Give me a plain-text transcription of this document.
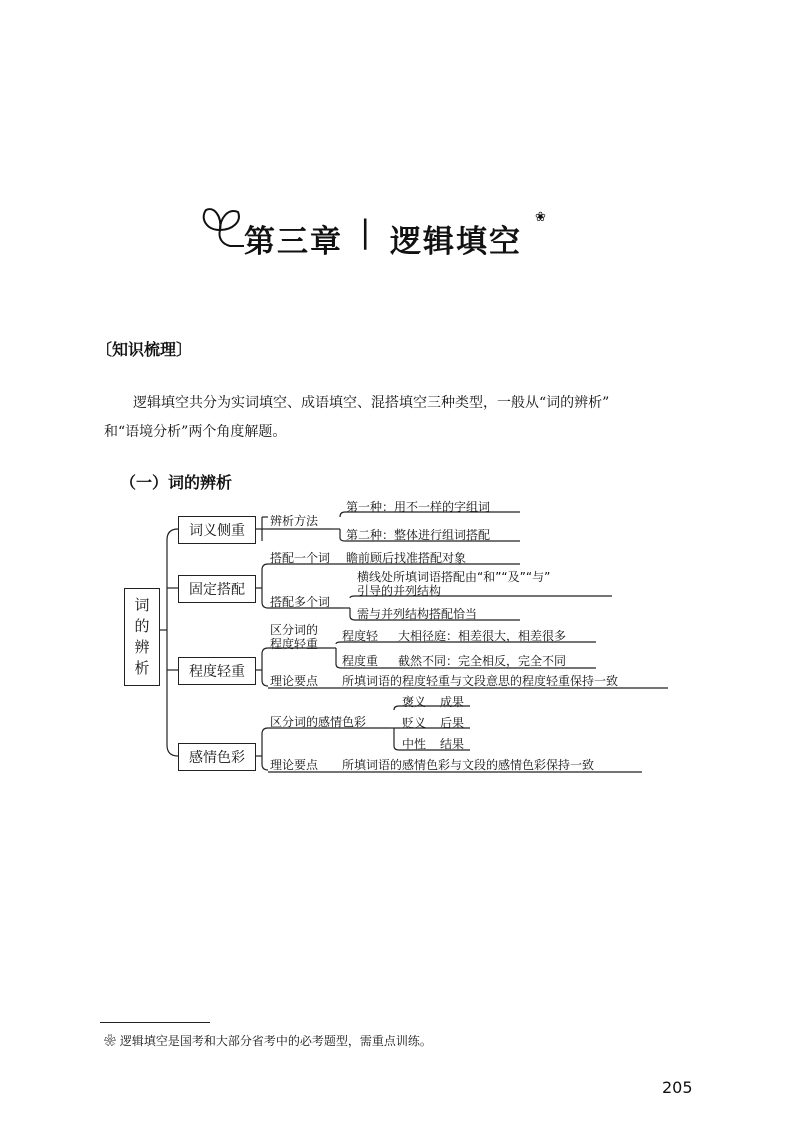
第三章 | 逻辑填空
❀
〔知识梳理〕
逻辑填空共分为实词填空、成语填空、混搭填空三种类型，一般从“词的辨析”
和“语境分析”两个角度解题。
（一）词的辨析
词
的
辨
析
词义侧重
固定搭配
程度轻重
感情色彩
辨析方法
第一种：用不一样的字组词
第二种：整体进行组词搭配
搭配一个词 瞻前顾后找准搭配对象
搭配多个词
横线处所填词语搭配由“和”“及”“与”
引导的并列结构
需与并列结构搭配恰当
区分词的
程度轻重
程度轻 大相径庭：相差很大，相差很多
程度重 截然不同：完全相反，完全不同
理论要点 所填词语的程度轻重与文段意思的程度轻重保持一致
区分词的感情色彩
褒义 成果
贬义 后果
中性 结果
理论要点 所填词语的感情色彩与文段的感情色彩保持一致
❀ 逻辑填空是国考和大部分省考中的必考题型，需重点训练。
205
